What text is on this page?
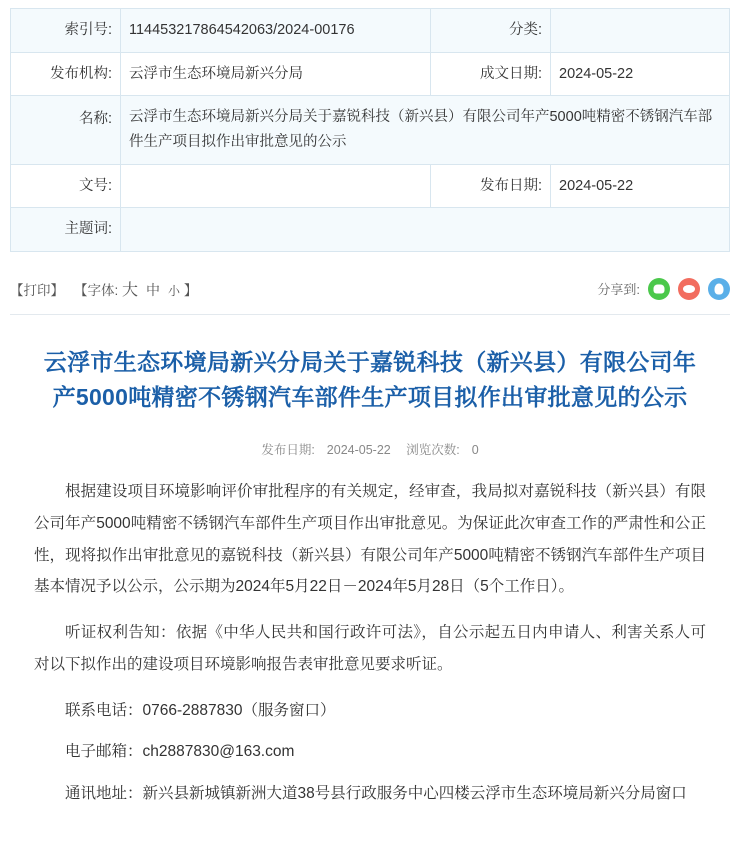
索引号:	114453217864542063/2024-00176	分类:	
发布机构:	云浮市生态环境局新兴分局	成文日期:	2024-05-22
名称:	云浮市生态环境局新兴分局关于嘉锐科技（新兴县）有限公司年产5000吨精密不锈钢汽车部件生产项目拟作出审批意见的公示		
文号:		发布日期:	2024-05-22
主题词:			
【打印】 【字体: 大 中 小 】	分享到:
云浮市生态环境局新兴分局关于嘉锐科技（新兴县）有限公司年产5000吨精密不锈钢汽车部件生产项目拟作出审批意见的公示
发布日期: 2024-05-22 浏览次数: 0

根据建设项目环境影响评价审批程序的有关规定，经审查，我局拟对嘉锐科技（新兴县）有限公司年产5000吨精密不锈钢汽车部件生产项目作出审批意见。为保证此次审查工作的严肃性和公正性，现将拟作出审批意见的嘉锐科技（新兴县）有限公司年产5000吨精密不锈钢汽车部件生产项目基本情况予以公示，公示期为2024年5月22日－2024年5月28日（5个工作日）。

听证权利告知：依据《中华人民共和国行政许可法》，自公示起五日内申请人、利害关系人可对以下拟作出的建设项目环境影响报告表审批意见要求听证。

联系电话：0766-2887830（服务窗口）

电子邮箱：ch2887830@163.com

通讯地址：新兴县新城镇新洲大道38号县行政服务中心四楼云浮市生态环境局新兴分局窗口
